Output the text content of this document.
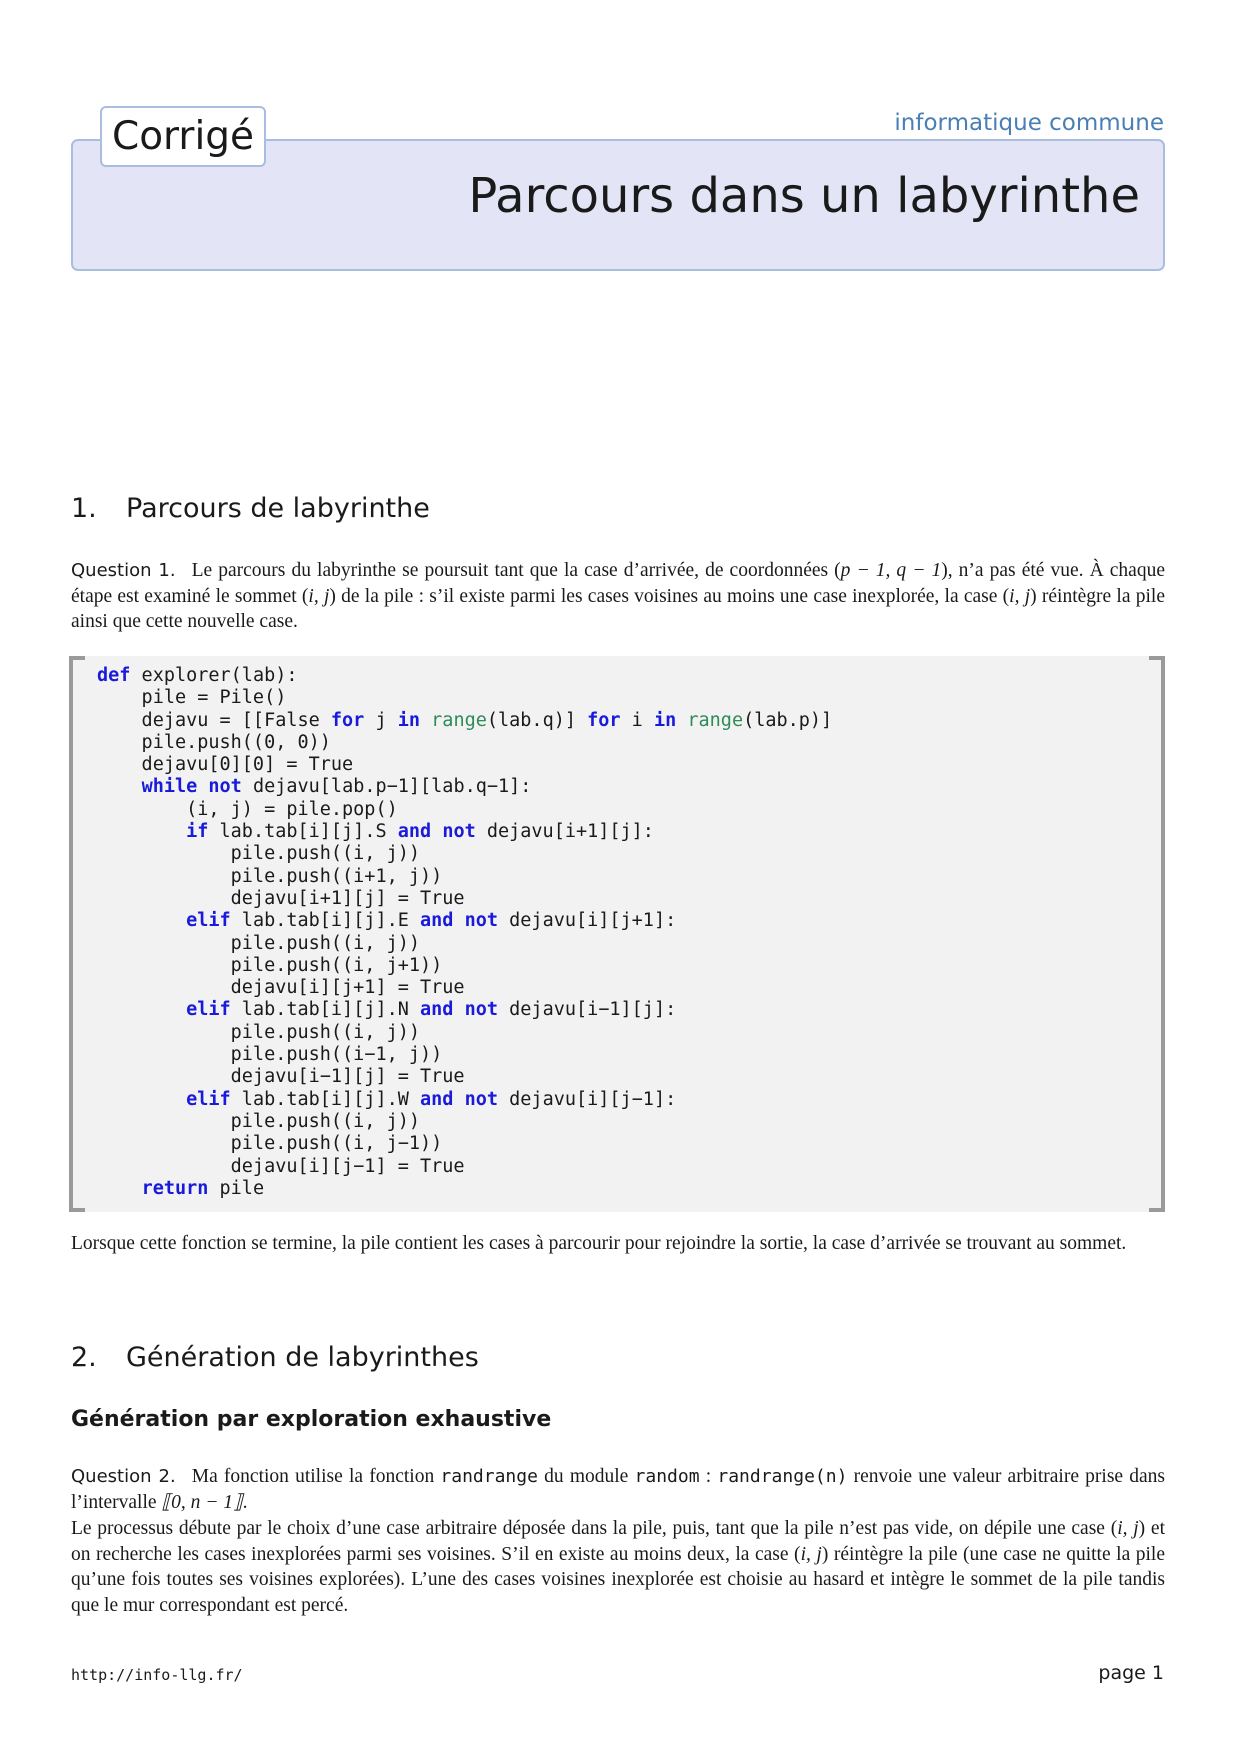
informatique commune
Corrigé
Parcours dans un labyrinthe
1. Parcours de labyrinthe

Question 1. Le parcours du labyrinthe se poursuit tant que la case d’arrivée, de coordonnées (p − 1, q − 1), n’a pas été vue. À chaque étape est examiné le sommet (i, j) de la pile : s’il existe parmi les cases voisines au moins une case inexplorée, la case (i, j) réintègre la pile ainsi que cette nouvelle case.

def explorer(lab):
pile = Pile()
dejavu = [[False for j in range(lab.q)] for i in range(lab.p)]
pile.push((0, 0))
dejavu[0][0] = True
while not dejavu[lab.p−1][lab.q−1]:
(i, j) = pile.pop()
if lab.tab[i][j].S and not dejavu[i+1][j]:
pile.push((i, j))
pile.push((i+1, j))
dejavu[i+1][j] = True
elif lab.tab[i][j].E and not dejavu[i][j+1]:
pile.push((i, j))
pile.push((i, j+1))
dejavu[i][j+1] = True
elif lab.tab[i][j].N and not dejavu[i−1][j]:
pile.push((i, j))
pile.push((i−1, j))
dejavu[i−1][j] = True
elif lab.tab[i][j].W and not dejavu[i][j−1]:
pile.push((i, j))
pile.push((i, j−1))
dejavu[i][j−1] = True
return pile

Lorsque cette fonction se termine, la pile contient les cases à parcourir pour rejoindre la sortie, la case d’arrivée se trouvant au sommet.

2. Génération de labyrinthes
Génération par exploration exhaustive

Question 2. Ma fonction utilise la fonction randrange du module random : randrange(n) renvoie une valeur arbitraire prise dans l’intervalle ⟦0, n − 1⟧.

Le processus débute par le choix d’une case arbitraire déposée dans la pile, puis, tant que la pile n’est pas vide, on dépile une case (i, j) et on recherche les cases inexplorées parmi ses voisines. S’il en existe au moins deux, la case (i, j) réintègre la pile (une case ne quitte la pile qu’une fois toutes ses voisines explorées). L’une des cases voisines inexplorée est choisie au hasard et intègre le sommet de la pile tandis que le mur correspondant est percé.

http://info-llg.fr/	page 1
